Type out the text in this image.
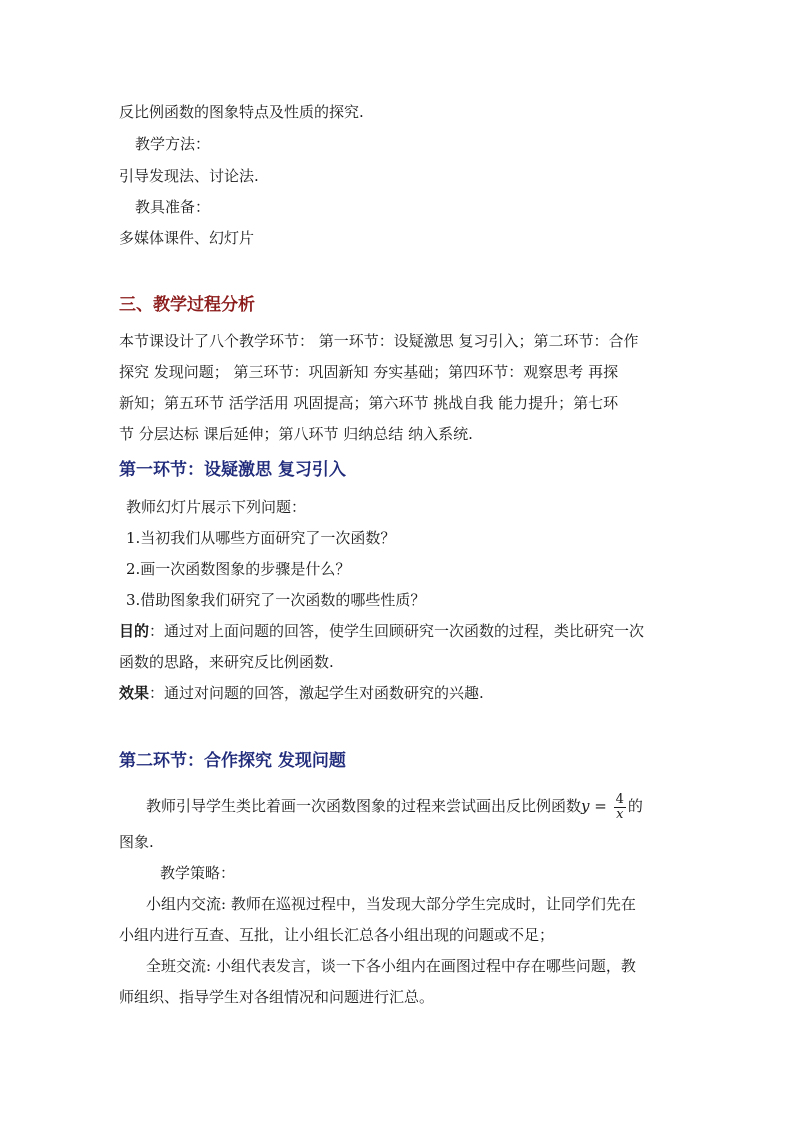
反比例函数的图象特点及性质的探究.
教学方法：
引导发现法、讨论法.
教具准备：
多媒体课件、幻灯片
三、教学过程分析
本节课设计了八个教学环节： 第一环节：设疑激思 复习引入；第二环节：合作
探究 发现问题； 第三环节：巩固新知 夯实基础；第四环节：观察思考 再探
新知；第五环节 活学活用 巩固提高；第六环节 挑战自我 能力提升；第七环
节 分层达标 课后延伸；第八环节 归纳总结 纳入系统.
第一环节：设疑激思 复习引入
教师幻灯片展示下列问题：
1.当初我们从哪些方面研究了一次函数？
2.画一次函数图象的步骤是什么？
3.借助图象我们研究了一次函数的哪些性质？
目的：通过对上面问题的回答，使学生回顾研究一次函数的过程，类比研究一次
函数的思路，来研究反比例函数.
效果：通过对问题的回答，激起学生对函数研究的兴趣.
第二环节：合作探究 发现问题
教师引导学生类比着画一次函数图象的过程来尝试画出反比例函数$y = \frac{4}{x}$ 的
图象.
教学策略：
小组内交流: 教师在巡视过程中，当发现大部分学生完成时，让同学们先在
小组内进行互查、互批，让小组长汇总各小组出现的问题或不足；
全班交流: 小组代表发言，谈一下各小组内在画图过程中存在哪些问题，教
师组织、指导学生对各组情况和问题进行汇总。
